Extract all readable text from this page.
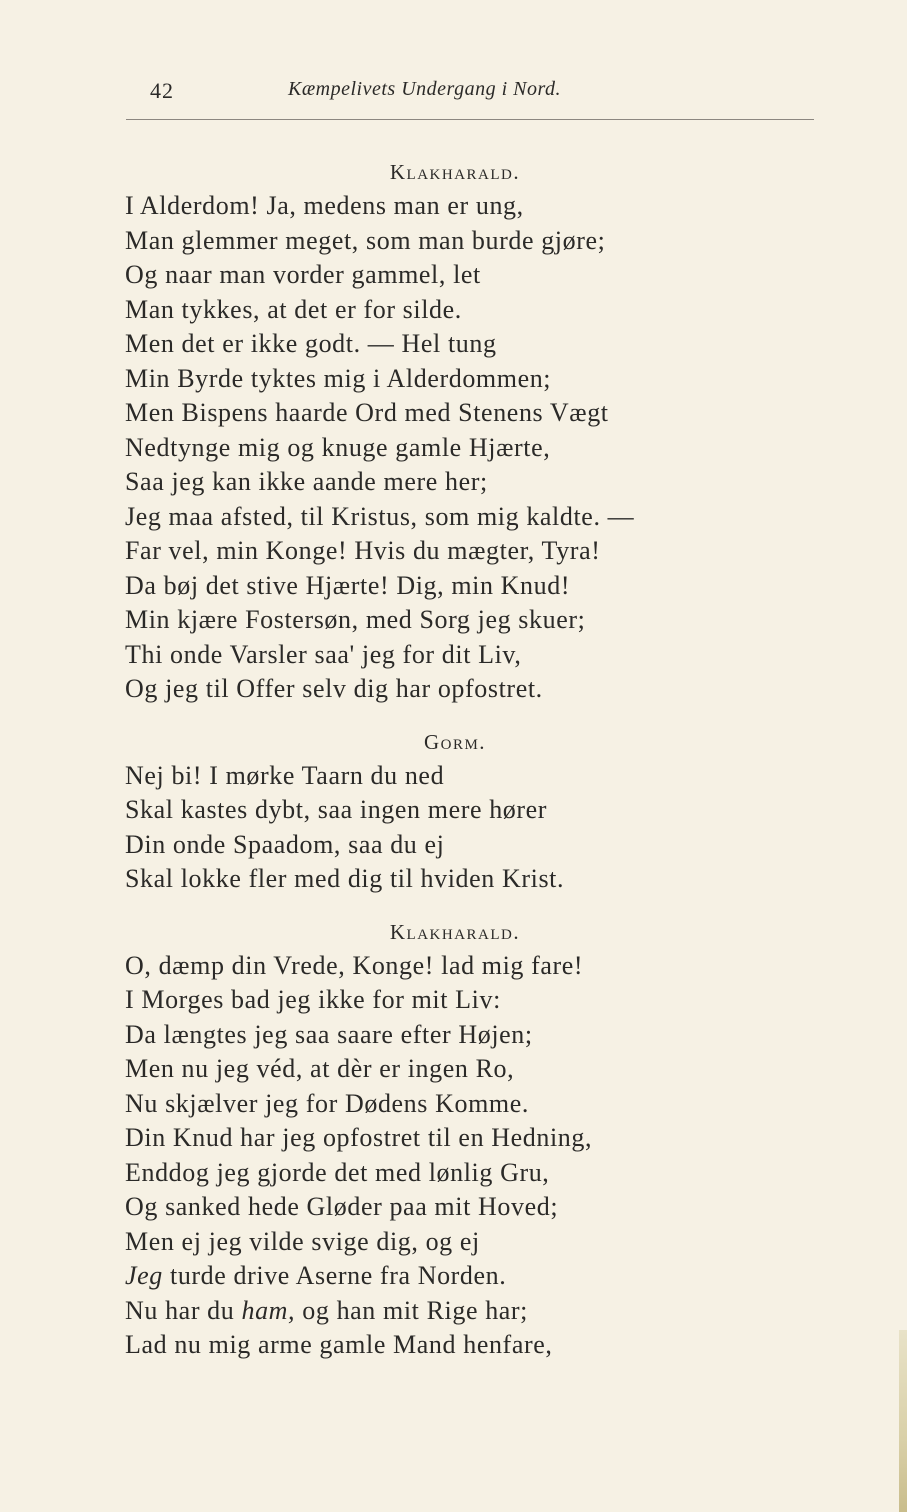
42	Kæmpelivets Undergang i Nord.
Klakharald.
I Alderdom! Ja, medens man er ung,
Man glemmer meget, som man burde gjøre;
Og naar man vorder gammel, let
Man tykkes, at det er for silde.
Men det er ikke godt. — Hel tung
Min Byrde tyktes mig i Alderdommen;
Men Bispens haarde Ord med Stenens Vægt
Nedtynge mig og knuge gamle Hjærte,
Saa jeg kan ikke aande mere her;
Jeg maa afsted, til Kristus, som mig kaldte. —
Far vel, min Konge! Hvis du mægter, Tyra!
Da bøj det stive Hjærte! Dig, min Knud!
Min kjære Fostersøn, med Sorg jeg skuer;
Thi onde Varsler saa' jeg for dit Liv,
Og jeg til Offer selv dig har opfostret.
Gorm.
Nej bi! I mørke Taarn du ned
Skal kastes dybt, saa ingen mere hører
Din onde Spaadom, saa du ej
Skal lokke fler med dig til hviden Krist.
Klakharald.
O, dæmp din Vrede, Konge! lad mig fare!
I Morges bad jeg ikke for mit Liv:
Da længtes jeg saa saare efter Højen;
Men nu jeg véd, at dèr er ingen Ro,
Nu skjælver jeg for Dødens Komme.
Din Knud har jeg opfostret til en Hedning,
Enddog jeg gjorde det med lønlig Gru,
Og sanked hede Gløder paa mit Hoved;
Men ej jeg vilde svige dig, og ej
Jeg turde drive Aserne fra Norden.
Nu har du ham, og han mit Rige har;
Lad nu mig arme gamle Mand henfare,
